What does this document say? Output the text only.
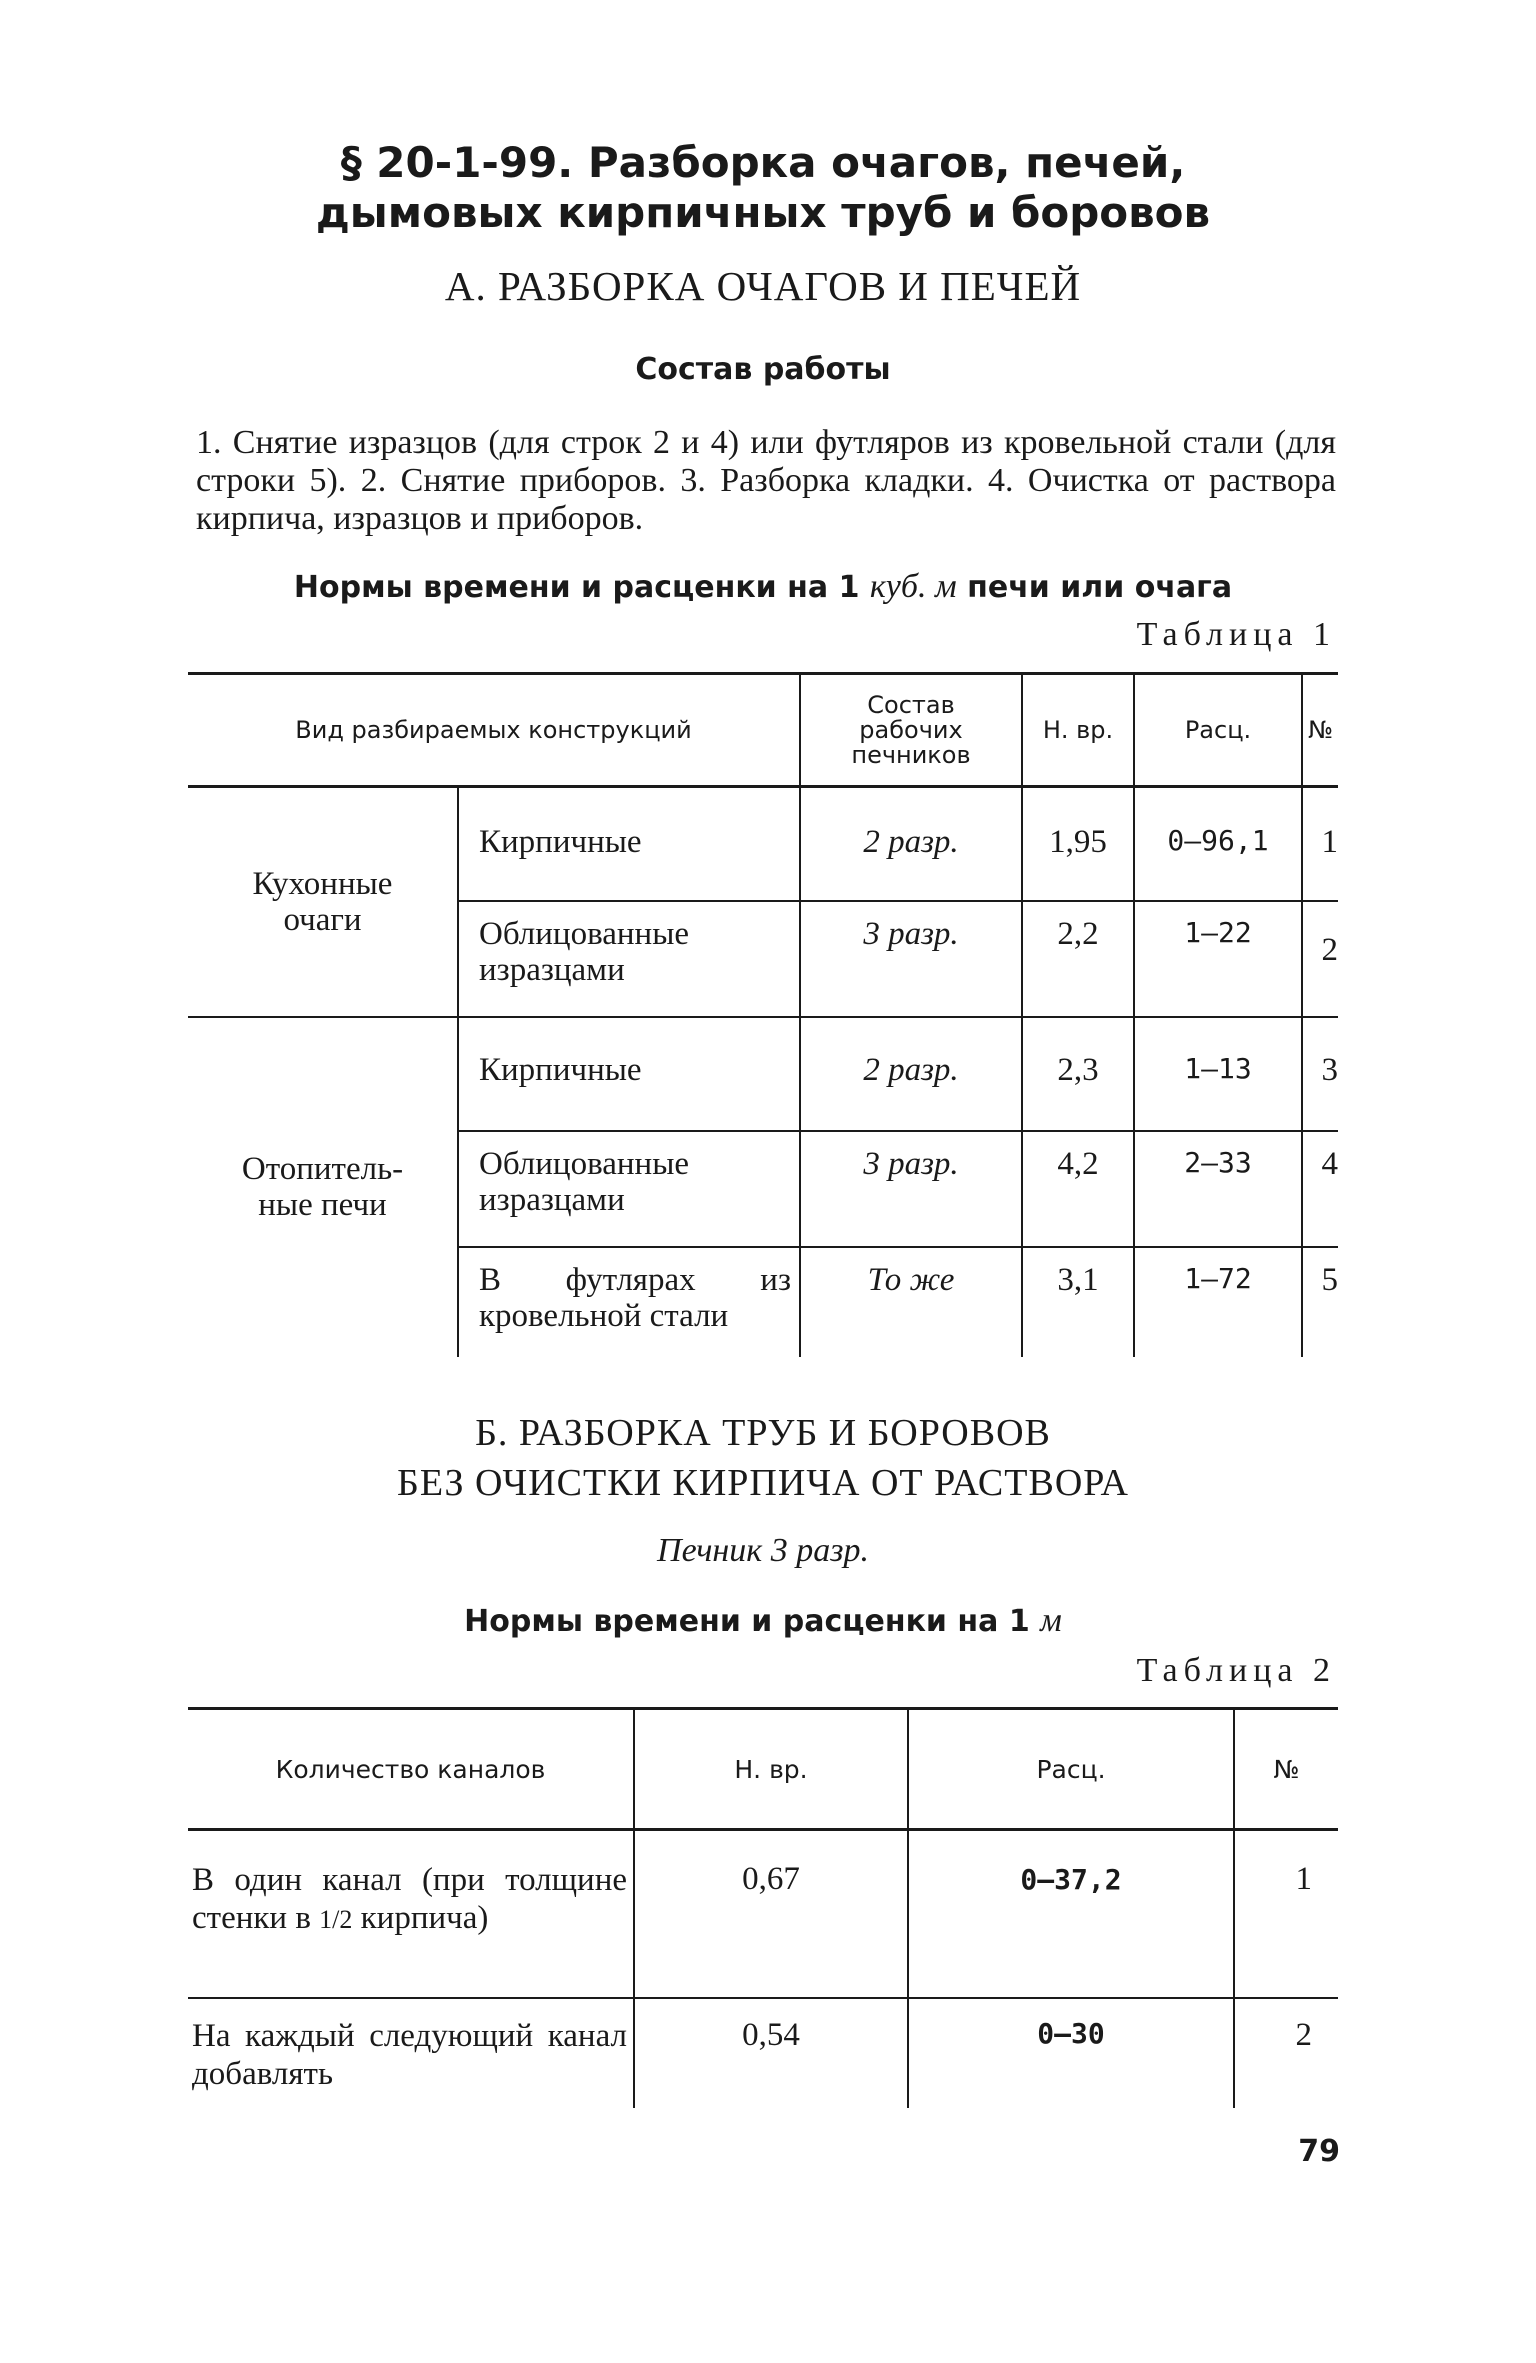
§ 20-1-99. Разборка очагов, печей,
дымовых кирпичных труб и боровов
А. РАЗБОРКА ОЧАГОВ И ПЕЧЕЙ
Состав работы

1. Снятие изразцов (для строк 2 и 4) или футляров из кровельной стали (для строки 5). 2. Снятие приборов. 3. Разборка кладки. 4. Очистка от раствора кирпича, изразцов и приборов.

Нормы времени и расценки на 1 куб. м печи или очага
Таблица 1
Вид разбираемых конструкций		Состав
рабочих
печников	Н. вр.	Расц.	№

Кухонные
очаги	Кирпичные	2 разр.	1,95	0—96,1	1

	Облицованные
изразцами	3 разр.	2,2	1—22	2

Отопитель-
ные печи	Кирпичные	2 разр.	2,3	1—13	3

	Облицованные
изразцами	3 разр.	4,2	2—33	4

	В футлярах из
кровельной стали	То же	3,1	1—72	5
Б. РАЗБОРКА ТРУБ И БОРОВОВ
БЕЗ ОЧИСТКИ КИРПИЧА ОТ РАСТВОРА
Печник 3 разр.
Нормы времени и расценки на 1 м
Таблица 2
Количество каналов	Н. вр.	Расц.	№
В один канал (при толщине стенки в 1/2 кирпича)	0,67	0—37,2	1
На каждый следующий канал добавлять	0,54	0—30	2
79
